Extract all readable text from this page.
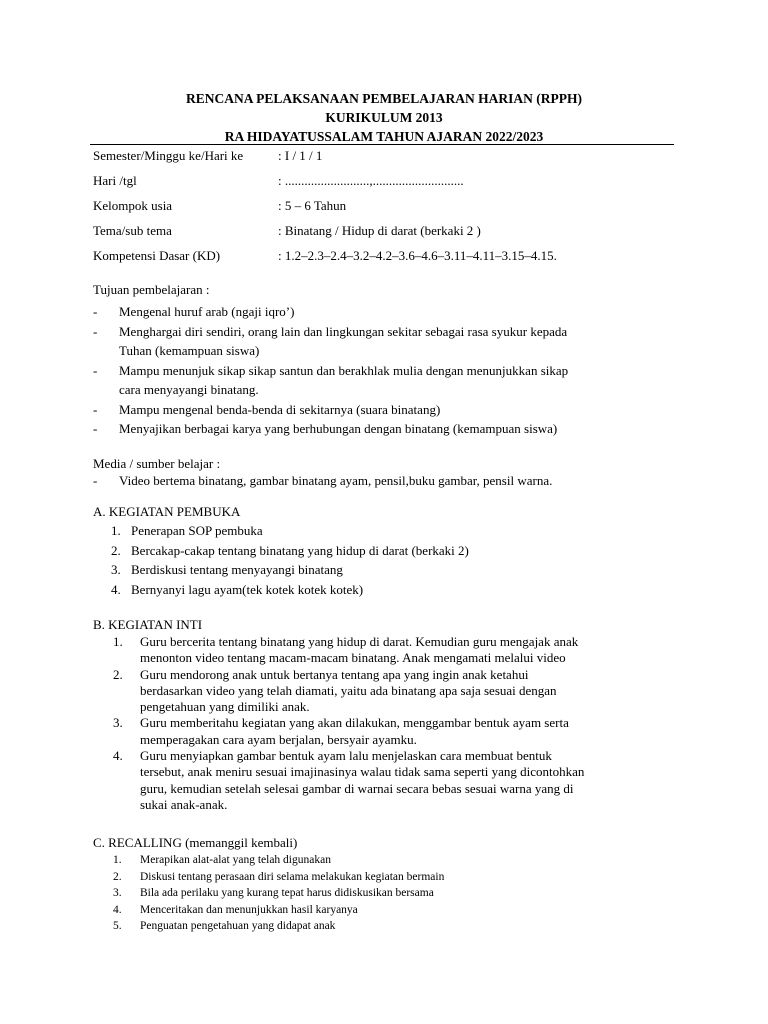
RENCANA PELAKSANAAN PEMBELAJARAN HARIAN (RPPH)
KURIKULUM 2013
RA HIDAYATUSSALAM TAHUN AJARAN 2022/2023
Semester/Minggu ke/Hari ke	: I / 1 / 1
Hari /tgl	: ..........................,............................
Kelompok usia	: 5 – 6 Tahun
Tema/sub tema	: Binatang / Hidup di darat (berkaki 2 )
Kompetensi Dasar (KD)	: 1.2–2.3–2.4–3.2–4.2–3.6–4.6–3.11–4.11–3.15–4.15.
Tujuan pembelajaran :
- Mengenal huruf arab (ngaji iqro’)
- Menghargai diri sendiri, orang lain dan lingkungan sekitar sebagai rasa syukur kepada
Tuhan (kemampuan siswa)
- Mampu menunjuk sikap sikap santun dan berakhlak mulia dengan menunjukkan sikap
cara menyayangi binatang.
- Mampu mengenal benda-benda di sekitarnya (suara binatang)
- Menyajikan berbagai karya yang berhubungan dengan binatang (kemampuan siswa)
Media / sumber belajar :
- Video bertema binatang, gambar binatang ayam, pensil,buku gambar, pensil warna.
A. KEGIATAN PEMBUKA
1. Penerapan SOP pembuka
2. Bercakap-cakap tentang binatang yang hidup di darat (berkaki 2)
3. Berdiskusi tentang menyayangi binatang
4. Bernyanyi lagu ayam(tek kotek kotek kotek)
B. KEGIATAN INTI
1. Guru bercerita tentang binatang yang hidup di darat. Kemudian guru mengajak anak
menonton video tentang macam-macam binatang. Anak mengamati melalui video
2. Guru mendorong anak untuk bertanya tentang apa yang ingin anak ketahui
berdasarkan video yang telah diamati, yaitu ada binatang apa saja sesuai dengan
pengetahuan yang dimiliki anak.
3. Guru memberitahu kegiatan yang akan dilakukan, menggambar bentuk ayam serta
memperagakan cara ayam berjalan, bersyair ayamku.
4. Guru menyiapkan gambar bentuk ayam lalu menjelaskan cara membuat bentuk
tersebut, anak meniru sesuai imajinasinya walau tidak sama seperti yang dicontohkan
guru, kemudian setelah selesai gambar di warnai secara bebas sesuai warna yang di
sukai anak-anak.
C. RECALLING (memanggil kembali)
1. Merapikan alat-alat yang telah digunakan
2. Diskusi tentang perasaan diri selama melakukan kegiatan bermain
3. Bila ada perilaku yang kurang tepat harus didiskusikan bersama
4. Menceritakan dan menunjukkan hasil karyanya
5. Penguatan pengetahuan yang didapat anak
